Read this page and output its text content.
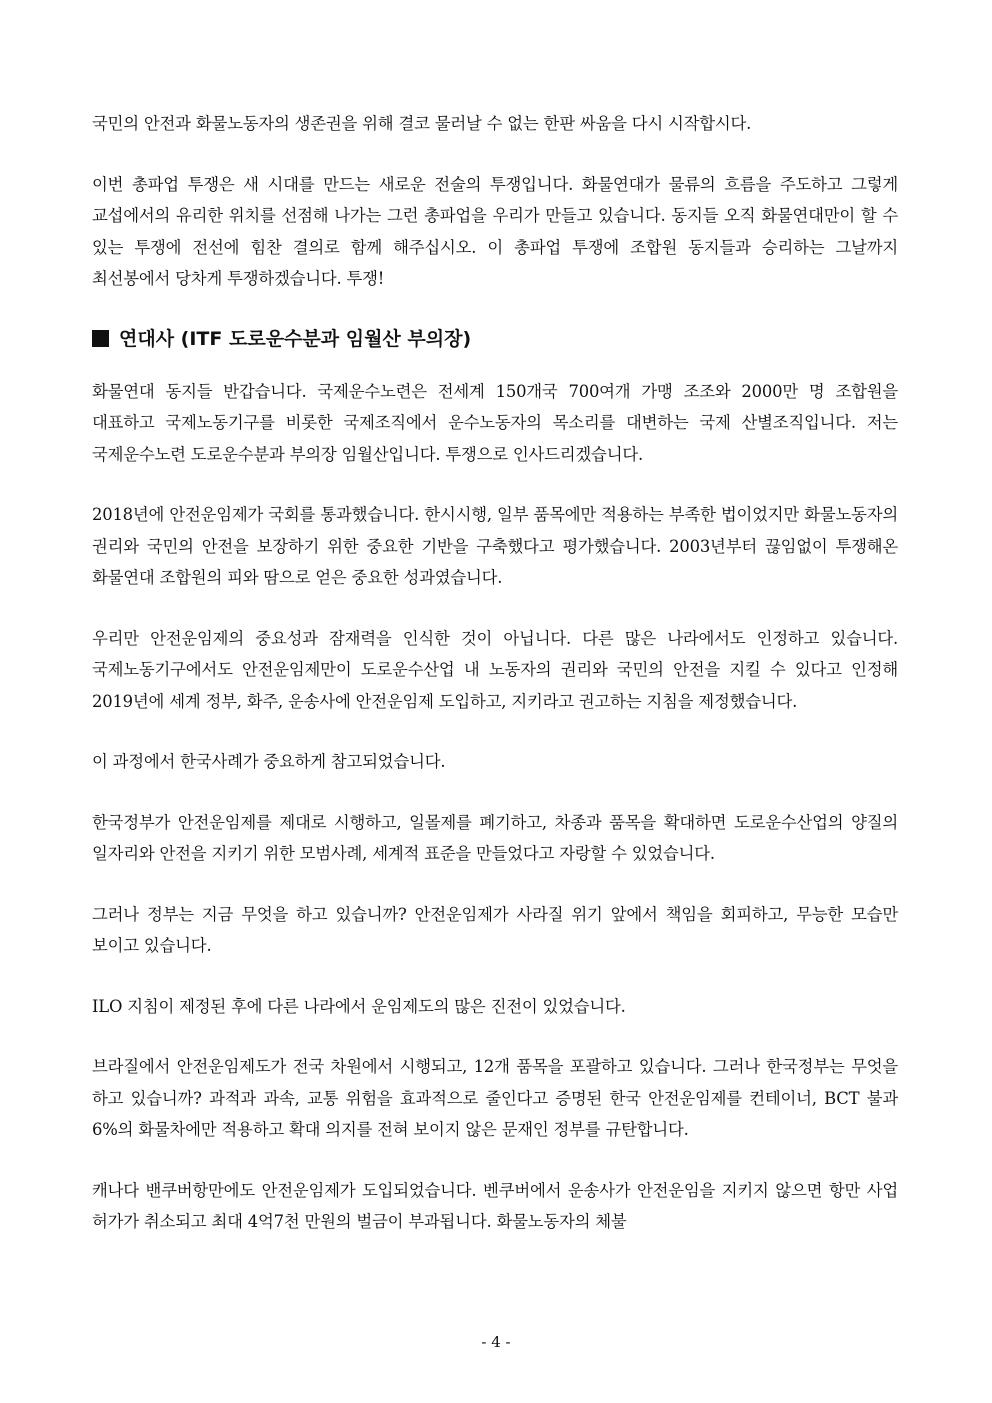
국민의 안전과 화물노동자의 생존권을 위해 결코 물러날 수 없는 한판 싸움을 다시 시작합시다.

이번 총파업 투쟁은 새 시대를 만드는 새로운 전술의 투쟁입니다. 화물연대가 물류의 흐름을 주도하고 그렇게 교섭에서의 유리한 위치를 선점해 나가는 그런 총파업을 우리가 만들고 있습니다. 동지들 오직 화물연대만이 할 수 있는 투쟁에 전선에 힘찬 결의로 함께 해주십시오. 이 총파업 투쟁에 조합원 동지들과 승리하는 그날까지 최선봉에서 당차게 투쟁하겠습니다. 투쟁!

연대사 (ITF 도로운수분과 임월산 부의장)

화물연대 동지들 반갑습니다. 국제운수노련은 전세계 150개국 700여개 가맹 조조와 2000만 명 조합원을 대표하고 국제노동기구를 비롯한 국제조직에서 운수노동자의 목소리를 대변하는 국제 산별조직입니다. 저는 국제운수노련 도로운수분과 부의장 임월산입니다. 투쟁으로 인사드리겠습니다.

2018년에 안전운임제가 국회를 통과했습니다. 한시시행, 일부 품목에만 적용하는 부족한 법이었지만 화물노동자의 권리와 국민의 안전을 보장하기 위한 중요한 기반을 구축했다고 평가했습니다. 2003년부터 끊임없이 투쟁해온 화물연대 조합원의 피와 땀으로 얻은 중요한 성과였습니다.

우리만 안전운임제의 중요성과 잠재력을 인식한 것이 아닙니다. 다른 많은 나라에서도 인정하고 있습니다. 국제노동기구에서도 안전운임제만이 도로운수산업 내 노동자의 권리와 국민의 안전을 지킬 수 있다고 인정해 2019년에 세계 정부, 화주, 운송사에 안전운임제 도입하고, 지키라고 권고하는 지침을 제정했습니다.

이 과정에서 한국사례가 중요하게 참고되었습니다.

한국정부가 안전운임제를 제대로 시행하고, 일몰제를 폐기하고, 차종과 품목을 확대하면 도로운수산업의 양질의 일자리와 안전을 지키기 위한 모범사례, 세계적 표준을 만들었다고 자랑할 수 있었습니다.

그러나 정부는 지금 무엇을 하고 있습니까? 안전운임제가 사라질 위기 앞에서 책임을 회피하고, 무능한 모습만 보이고 있습니다.

ILO 지침이 제정된 후에 다른 나라에서 운임제도의 많은 진전이 있었습니다.

브라질에서 안전운임제도가 전국 차원에서 시행되고, 12개 품목을 포괄하고 있습니다. 그러나 한국정부는 무엇을 하고 있습니까? 과적과 과속, 교통 위험을 효과적으로 줄인다고 증명된 한국 안전운임제를 컨테이너, BCT 불과 6%의 화물차에만 적용하고 확대 의지를 전혀 보이지 않은 문재인 정부를 규탄합니다.

캐나다 밴쿠버항만에도 안전운임제가 도입되었습니다. 벤쿠버에서 운송사가 안전운임을 지키지 않으면 항만 사업 허가가 취소되고 최대 4억7천 만원의 벌금이 부과됩니다. 화물노동자의 체불

- 4 -
